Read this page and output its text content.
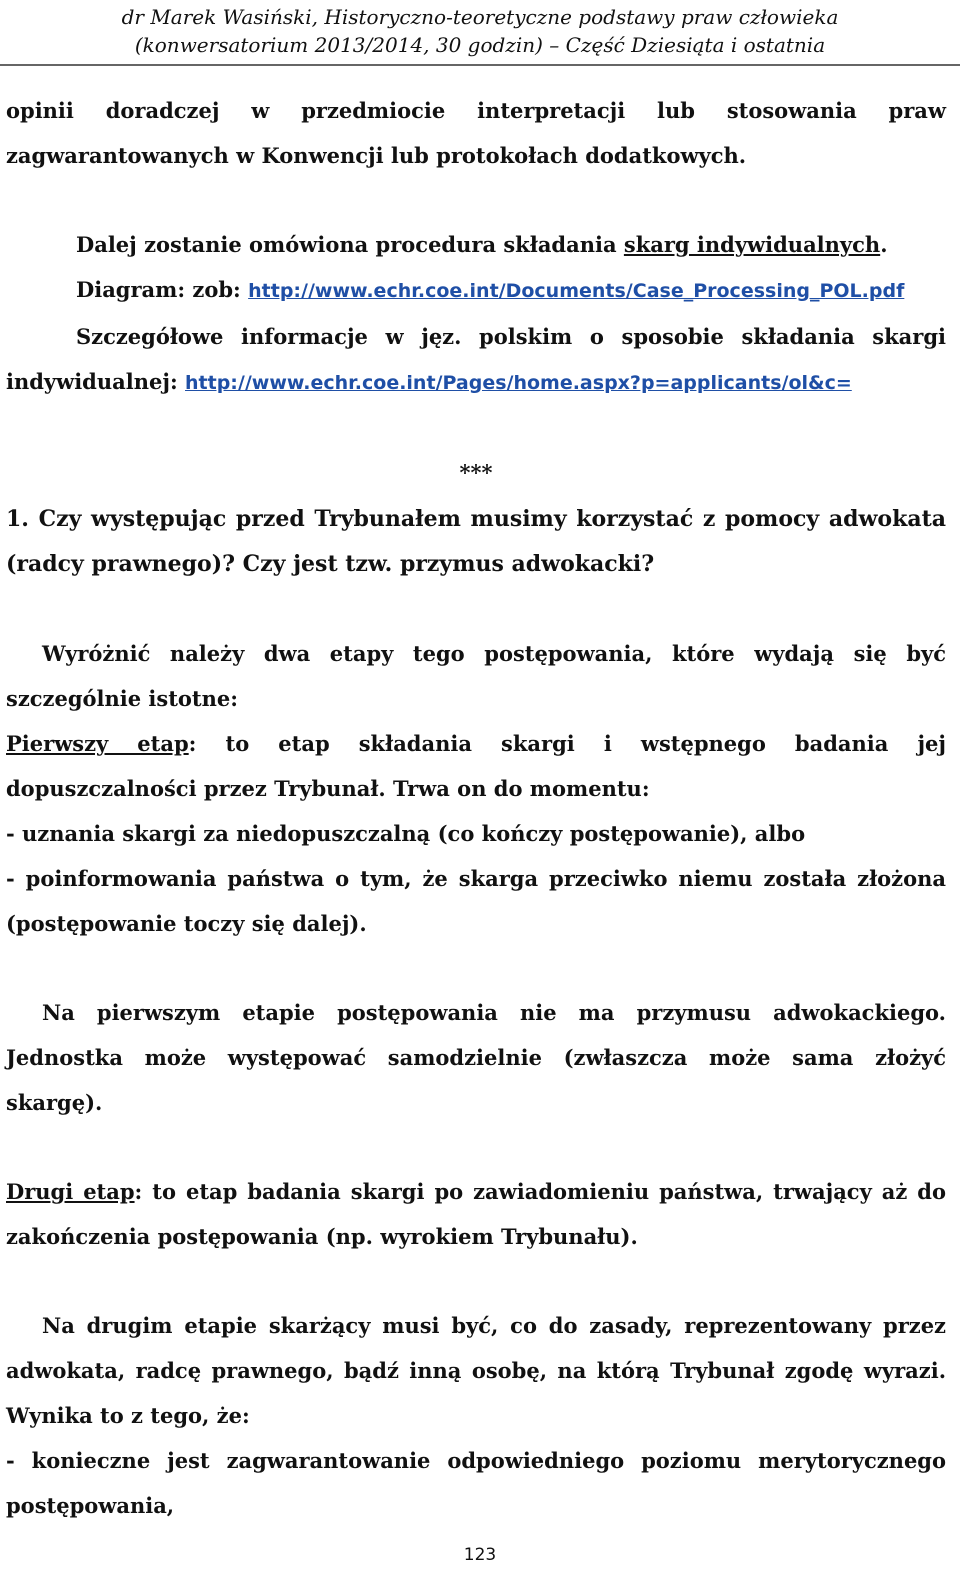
dr Marek Wasiński, Historyczno-teoretyczne podstawy praw człowieka
(konwersatorium 2013/2014, 30 godzin) – Część Dziesiąta i ostatnia

opinii doradczej w przedmiocie interpretacji lub stosowania praw zagwarantowanych w Konwencji lub protokołach dodatkowych.

Dalej zostanie omówiona procedura składania skarg indywidualnych.

Diagram: zob: http://www.echr.coe.int/Documents/Case_Processing_POL.pdf

Szczegółowe informacje w jęz. polskim o sposobie składania skargi indywidualnej: http://www.echr.coe.int/Pages/home.aspx?p=applicants/ol&c=

***

1. Czy występując przed Trybunałem musimy korzystać z pomocy adwokata (radcy prawnego)? Czy jest tzw. przymus adwokacki?

Wyróżnić należy dwa etapy tego postępowania, które wydają się być szczególnie istotne:

Pierwszy etap: to etap składania skargi i wstępnego badania jej dopuszczalności przez Trybunał. Trwa on do momentu:

- uznania skargi za niedopuszczalną (co kończy postępowanie), albo

- poinformowania państwa o tym, że skarga przeciwko niemu została złożona (postępowanie toczy się dalej).

Na pierwszym etapie postępowania nie ma przymusu adwokackiego. Jednostka może występować samodzielnie (zwłaszcza może sama złożyć skargę).

Drugi etap: to etap badania skargi po zawiadomieniu państwa, trwający aż do zakończenia postępowania (np. wyrokiem Trybunału).

Na drugim etapie skarżący musi być, co do zasady, reprezentowany przez adwokata, radcę prawnego, bądź inną osobę, na którą Trybunał zgodę wyrazi. Wynika to z tego, że:

- konieczne jest zagwarantowanie odpowiedniego poziomu merytorycznego postępowania,

123
